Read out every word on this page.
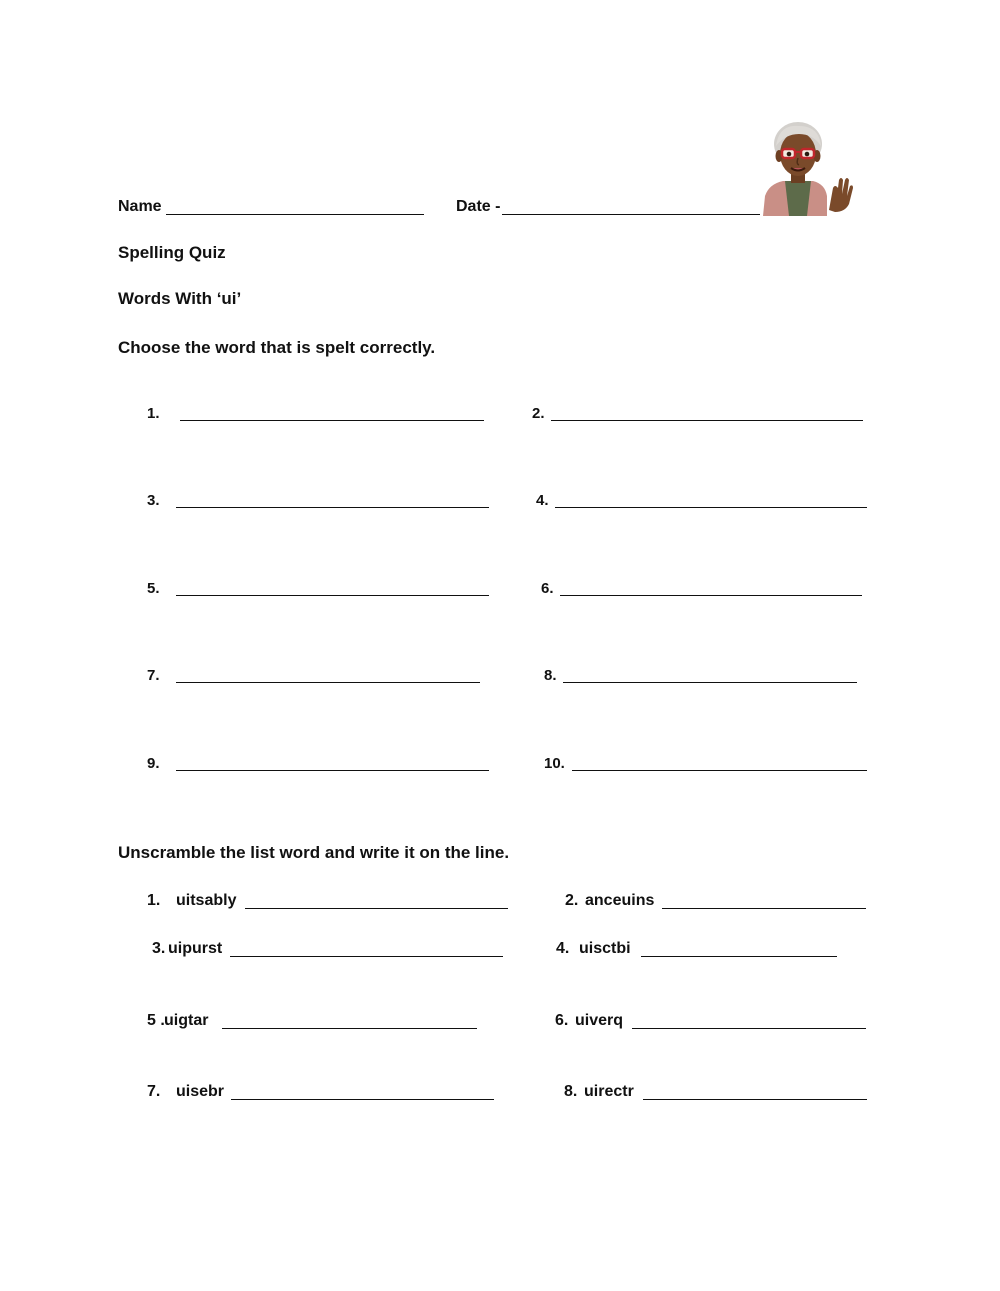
Name	Date -
Spelling Quiz
Words With ‘ui’
Choose the word that is spelt correctly.
1.	2.
3.	4.
5.	6.
7.	8.
9.	10.
Unscramble the list word and write it on the line.
1. uitsably	2. anceuins
3. uipurst	4. uisctbi
5 . uigtar	6. uiverq
7. uisebr	8. uirectr
